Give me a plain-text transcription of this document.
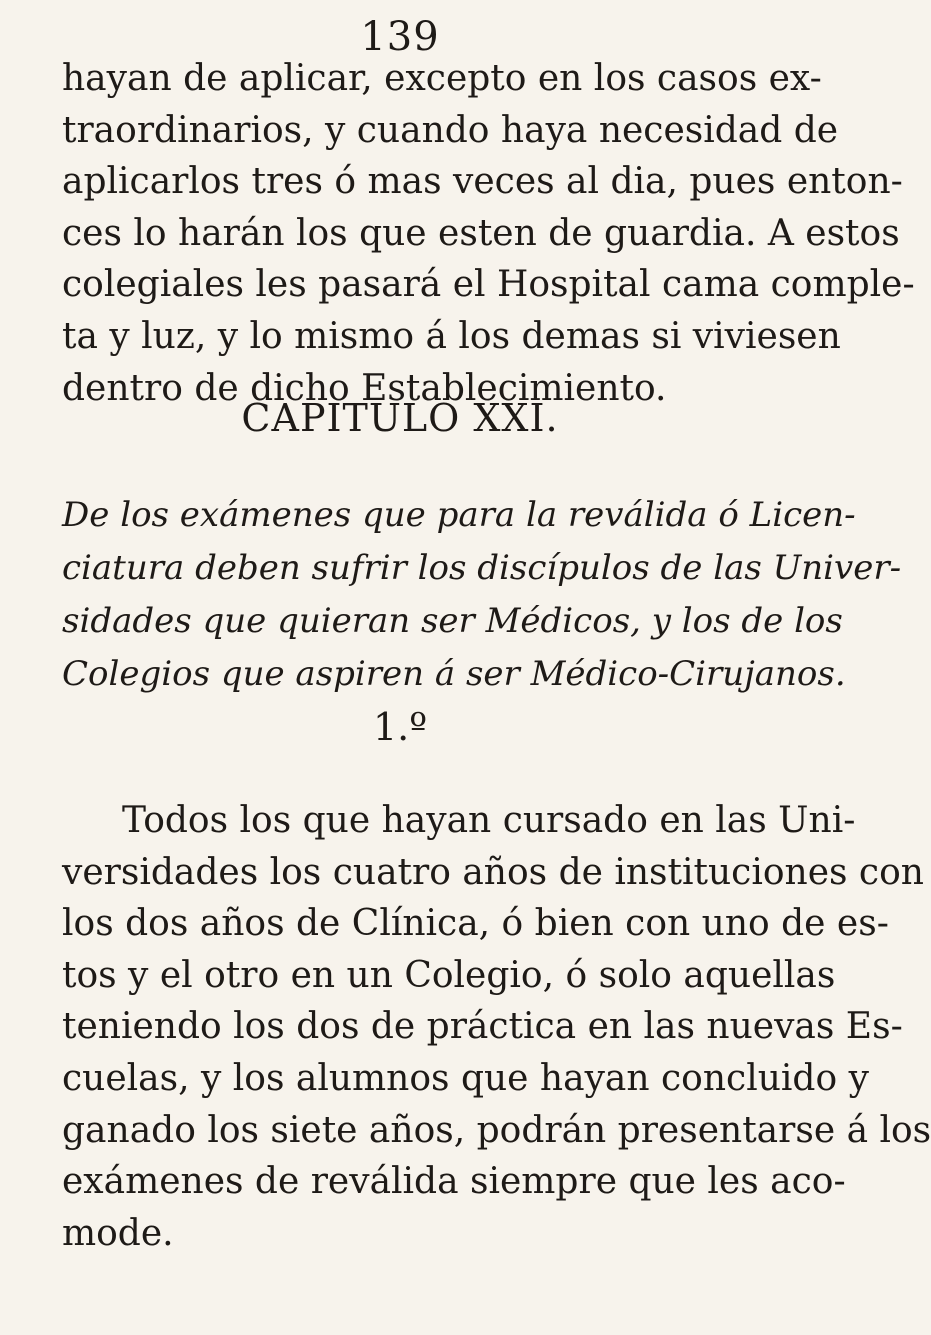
139
hayan de aplicar, excepto en los casos ex-
traordinarios, y cuando haya necesidad de
aplicarlos tres ó mas veces al dia, pues enton-
ces lo harán los que esten de guardia. A estos
colegiales les pasará el Hospital cama comple-
ta y luz, y lo mismo á los demas si viviesen
dentro de dicho Establecimiento.
CAPITULO XXI.
De los exámenes que para la reválida ó Licen-
ciatura deben sufrir los discípulos de las Univer-
sidades que quieran ser Médicos, y los de los
Colegios que aspiren á ser Médico-Cirujanos.
1.º
Todos los que hayan cursado en las Uni-
versidades los cuatro años de instituciones con
los dos años de Clínica, ó bien con uno de es-
tos y el otro en un Colegio, ó solo aquellas
teniendo los dos de práctica en las nuevas Es-
cuelas, y los alumnos que hayan concluido y
ganado los siete años, podrán presentarse á los
exámenes de reválida siempre que les aco-
mode.
